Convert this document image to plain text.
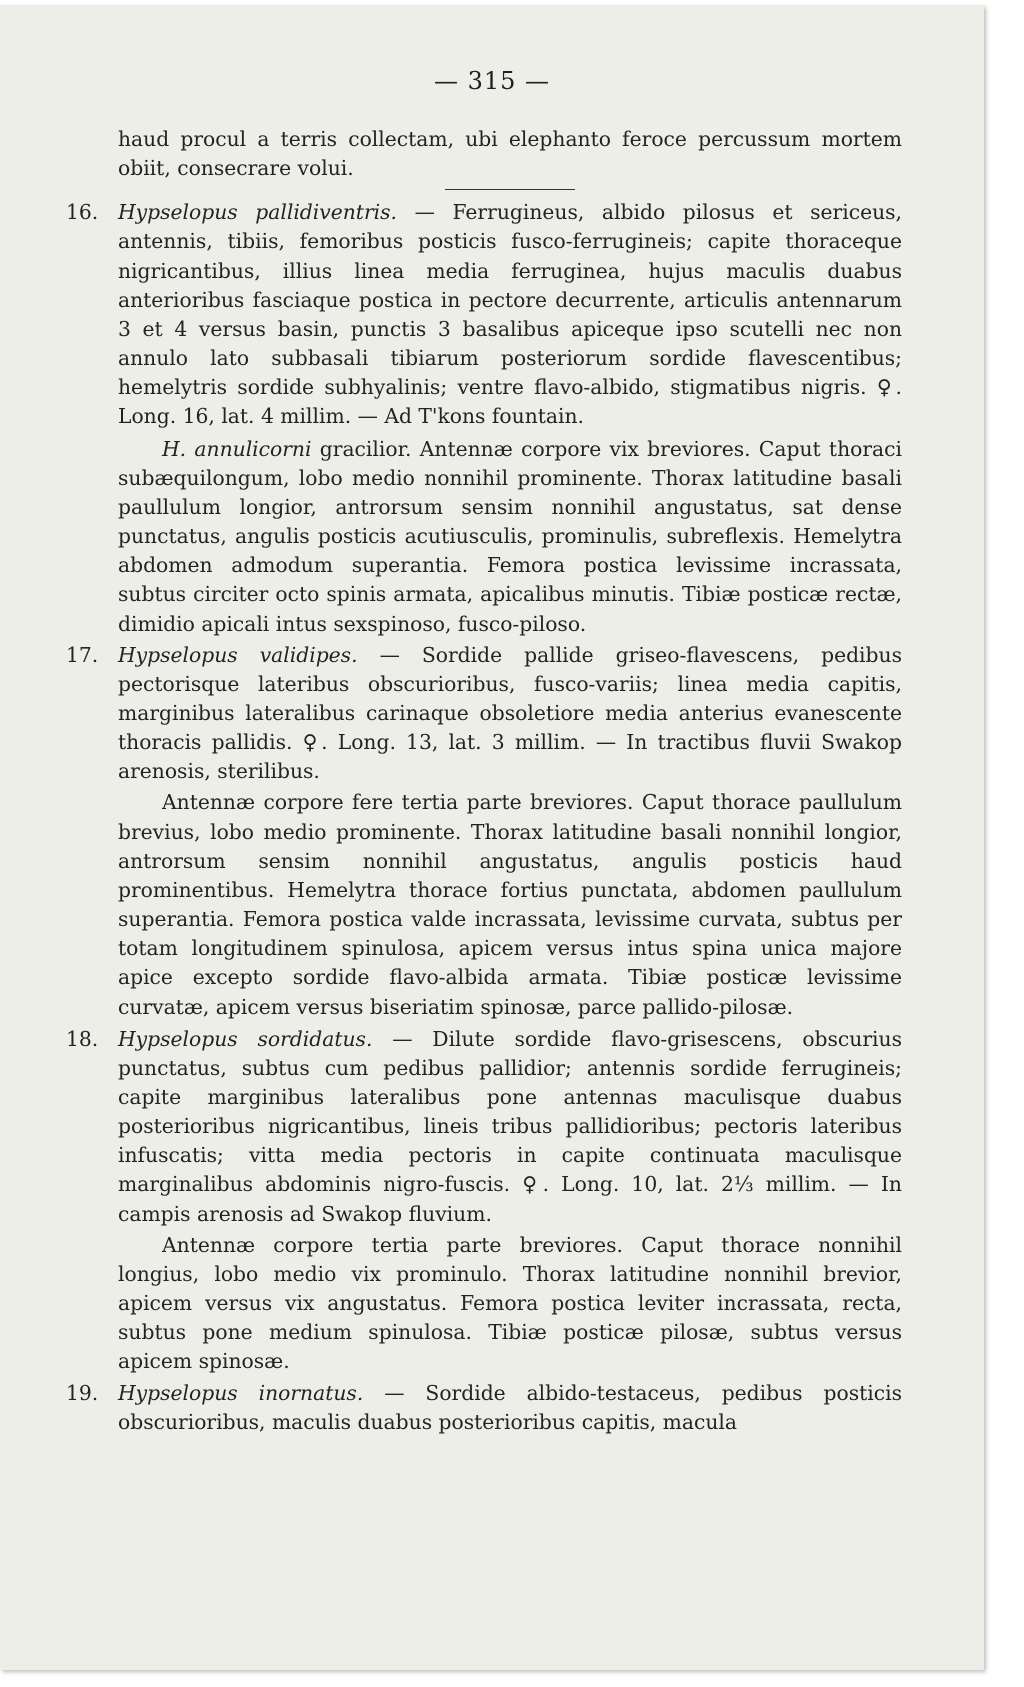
— 315 —

haud procul a terris collectam, ubi elephanto feroce percussum mortem obiit, consecrare volui.

16. Hypselopus pallidiventris. — Ferrugineus, albido pilosus et sericeus, antennis, tibiis, femoribus posticis fusco-ferrugineis; capite thoraceque nigricantibus, illius linea media ferruginea, hujus maculis duabus anterioribus fasciaque postica in pectore decurrente, articulis antennarum 3 et 4 versus basin, punctis 3 basalibus apiceque ipso scutelli nec non annulo lato subbasali tibiarum posteriorum sordide flavescentibus; hemelytris sordide subhyalinis; ventre flavo-albido, stigmatibus nigris. ♀. Long. 16, lat. 4 millim. — Ad T'kons fountain.

H. annulicorni gracilior. Antennæ corpore vix breviores. Caput thoraci subæquilongum, lobo medio nonnihil prominente. Thorax latitudine basali paullulum longior, antrorsum sensim nonnihil angustatus, sat dense punctatus, angulis posticis acutiusculis, prominulis, subreflexis. Hemelytra abdomen admodum superantia. Femora postica levissime incrassata, subtus circiter octo spinis armata, apicalibus minutis. Tibiæ posticæ rectæ, dimidio apicali intus sexspinoso, fusco-piloso.

17. Hypselopus validipes. — Sordide pallide griseo-flavescens, pedibus pectorisque lateribus obscurioribus, fusco-variis; linea media capitis, marginibus lateralibus carinaque obsoletiore media anterius evanescente thoracis pallidis. ♀. Long. 13, lat. 3 millim. — In tractibus fluvii Swakop arenosis, sterilibus.

Antennæ corpore fere tertia parte breviores. Caput thorace paullulum brevius, lobo medio prominente. Thorax latitudine basali nonnihil longior, antrorsum sensim nonnihil angustatus, angulis posticis haud prominentibus. Hemelytra thorace fortius punctata, abdomen paullulum superantia. Femora postica valde incrassata, levissime curvata, subtus per totam longitudinem spinulosa, apicem versus intus spina unica majore apice excepto sordide flavo-albida armata. Tibiæ posticæ levissime curvatæ, apicem versus biseriatim spinosæ, parce pallido-pilosæ.

18. Hypselopus sordidatus. — Dilute sordide flavo-grisescens, obscurius punctatus, subtus cum pedibus pallidior; antennis sordide ferrugineis; capite marginibus lateralibus pone antennas maculisque duabus posterioribus nigricantibus, lineis tribus pallidioribus; pectoris lateribus infuscatis; vitta media pectoris in capite continuata maculisque marginalibus abdominis nigro-fuscis. ♀. Long. 10, lat. 2⅓ millim. — In campis arenosis ad Swakop fluvium.

Antennæ corpore tertia parte breviores. Caput thorace nonnihil longius, lobo medio vix prominulo. Thorax latitudine nonnihil brevior, apicem versus vix angustatus. Femora postica leviter incrassata, recta, subtus pone medium spinulosa. Tibiæ posticæ pilosæ, subtus versus apicem spinosæ.

19. Hypselopus inornatus. — Sordide albido-testaceus, pedibus posticis obscurioribus, maculis duabus posterioribus capitis, macula
